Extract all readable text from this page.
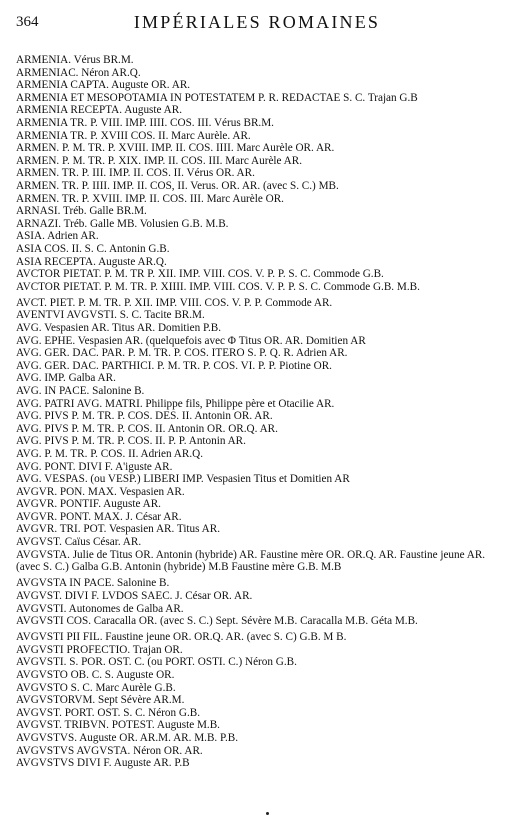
364	IMPÉRIALES ROMAINES
ARMENIA. Vérus BR.M.
ARMENIAC. Néron AR.Q.
ARMENIA CAPTA. Auguste OR. AR.
ARMENIA ET MESOPOTAMIA IN POTESTATEM P. R. REDACTAE S. C. Trajan G.B
ARMENIA RECEPTA. Auguste AR.
ARMENIA TR. P. VIII. IMP. IIII. COS. III. Vérus BR.M.
ARMENIA TR. P. XVIII COS. II. Marc Aurèle. AR.
ARMEN. P. M. TR. P. XVIII. IMP. II. COS. IIII. Marc Aurèle OR. AR.
ARMEN. P. M. TR. P. XIX. IMP. II. COS. III. Marc Aurèle AR.
ARMEN. TR. P. III. IMP. II. COS. II. Vérus OR. AR.
ARMEN. TR. P. IIII. IMP. II. COS, II. Verus. OR. AR. (avec S. C.) MB.
ARMEN. TR. P. XVIII. IMP. II. COS. III. Marc Aurèle OR.
ARNASI. Tréb. Galle BR.M.
ARNAZI. Tréb. Galle MB. Volusien G.B. M.B.
ASIA. Adrien AR.
ASIA COS. II. S. C. Antonin G.B.
ASIA RECEPTA. Auguste AR.Q.
AVCTOR PIETAT. P. M. TR P. XII. IMP. VIII. COS. V. P. P. S. C. Commode G.B.
AVCTOR PIETAT. P. M. TR. P. XIIII. IMP. VIII. COS. V. P. P. S. C. Commode G.B. M.B.
AVCT. PIET. P. M. TR. P. XII. IMP. VIII. COS. V. P. P. Commode AR.
AVENTVI AVGVSTI. S. C. Tacite BR.M.
AVG. Vespasien AR. Titus AR. Domitien P.B.
AVG. EPHE. Vespasien AR. (quelquefois avec Φ Titus OR. AR. Domitien AR
AVG. GER. DAC. PAR. P. M. TR. P. COS. ITERO S. P. Q. R. Adrien AR.
AVG. GER. DAC. PARTHICI. P. M. TR. P. COS. VI. P. P. Piotine OR.
AVG. IMP. Galba AR.
AVG. IN PACE. Salonine B.
AVG. PATRI AVG. MATRI. Philippe fils, Philippe père et Otacilie AR.
AVG. PIVS P. M. TR. P. COS. DES. II. Antonin OR. AR.
AVG. PIVS P. M. TR. P. COS. II. Antonin OR. OR.Q. AR.
AVG. PIVS P. M. TR. P. COS. II. P. P. Antonin AR.
AVG. P. M. TR. P. COS. II. Adrien AR.Q.
AVG. PONT. DIVI F. A'iguste AR.
AVG. VESPAS. (ou VESP.) LIBERI IMP. Vespasien Titus et Domitien AR
AVGVR. PON. MAX. Vespasien AR.
AVGVR. PONTIF. Auguste AR.
AVGVR. PONT. MAX. J. César AR.
AVGVR. TRI. POT. Vespasien AR. Titus AR.
AVGVST. Caïus César. AR.
AVGVSTA. Julie de Titus OR. Antonin (hybride) AR. Faustine mère OR. OR.Q. AR. Faustine jeune AR. (avec S. C.) Galba G.B. Antonin (hybride) M.B Faustine mère G.B. M.B
AVGVSTA IN PACE. Salonine B.
AVGVST. DIVI F. LVDOS SAEC. J. César OR. AR.
AVGVSTI. Autonomes de Galba AR.
AVGVSTI COS. Caracalla OR. (avec S. C.) Sept. Sévère M.B. Caracalla M.B. Géta M.B.
AVGVSTI PII FIL. Faustine jeune OR. OR.Q. AR. (avec S. C) G.B. M B.
AVGVSTI PROFECTIO. Trajan OR.
AVGVSTI. S. POR. OST. C. (ou PORT. OSTI. C.) Néron G.B.
AVGVSTO OB. C. S. Auguste OR.
AVGVSTO S. C. Marc Aurèle G.B.
AVGVSTORVM. Sept Sévère AR.M.
AVGVST. PORT. OST. S. C. Néron G.B.
AVGVST. TRIBVN. POTEST. Auguste M.B.
AVGVSTVS. Auguste OR. AR.M. AR. M.B. P.B.
AVGVSTVS AVGVSTA. Néron OR. AR.
AVGVSTVS DIVI F. Auguste AR. P.B
